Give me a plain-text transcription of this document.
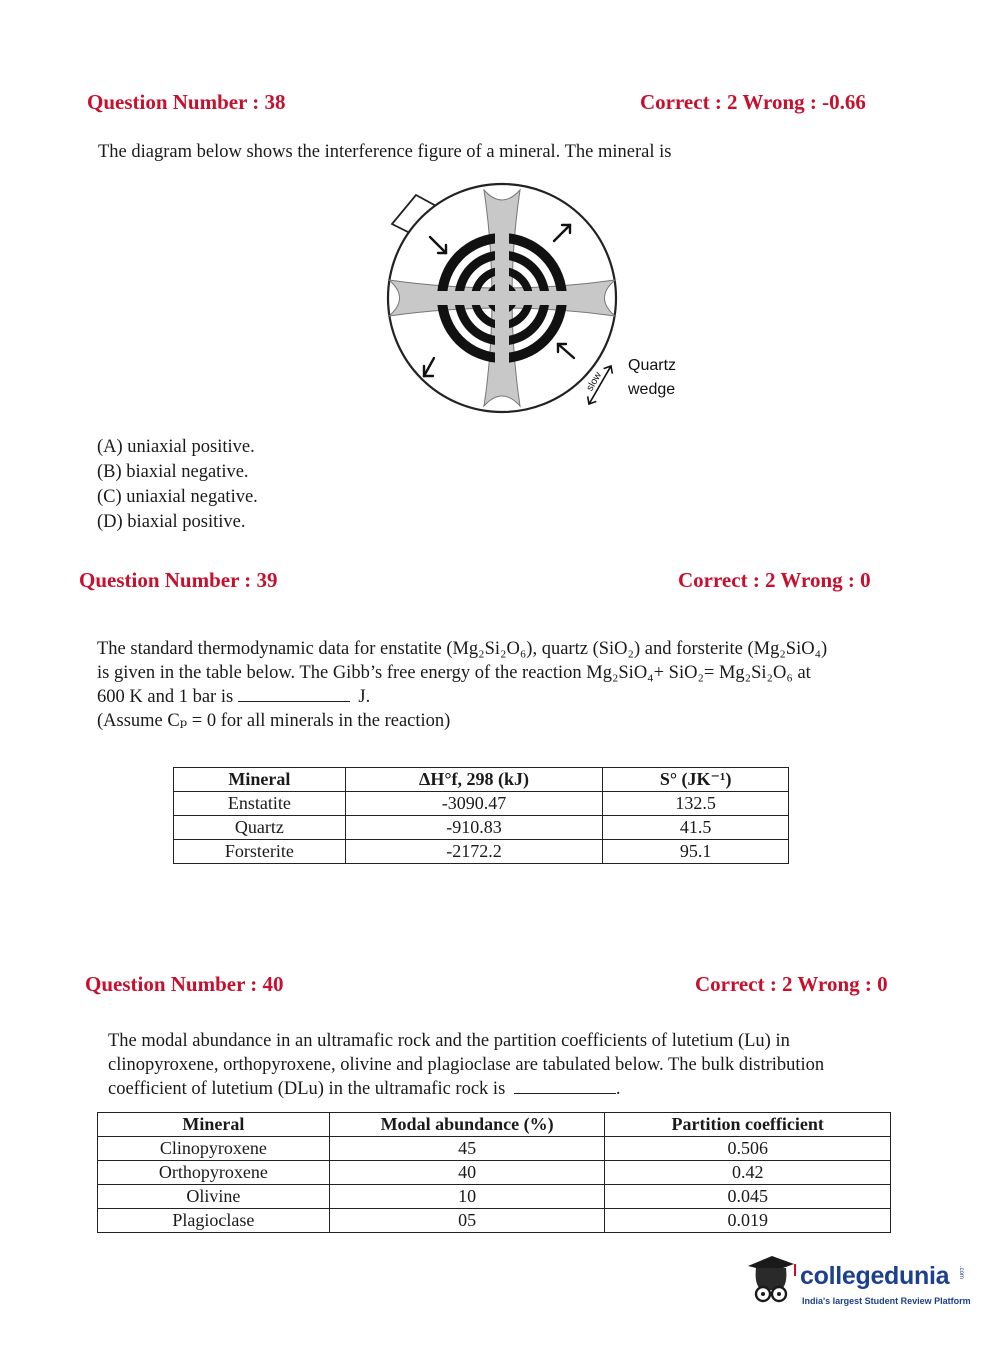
Question Number : 38	Correct : 2 Wrong : -0.66
The diagram below shows the interference figure of a mineral. The mineral is
slow
Quartz
wedge
(A) uniaxial positive.
(B) biaxial negative.
(C) uniaxial negative.
(D) biaxial positive.
Question Number : 39	Correct : 2 Wrong : 0
The standard thermodynamic data for enstatite (Mg₂Si₂O₆), quartz (SiO₂) and forsterite (Mg₂SiO₄)
is given in the table below. The Gibb’s free energy of the reaction Mg₂SiO₄+ SiO₂= Mg₂Si₂O₆ at
600 K and 1 bar is	J.
(Assume Cₚ = 0 for all minerals in the reaction)
Mineral	ΔH°f, 298 (kJ)	S° (JK⁻¹)
Enstatite	-3090.47	132.5
Quartz	-910.83	41.5
Forsterite	-2172.2	95.1
Question Number : 40	Correct : 2 Wrong : 0
The modal abundance in an ultramafic rock and the partition coefficients of lutetium (Lu) in
clinopyroxene, orthopyroxene, olivine and plagioclase are tabulated below. The bulk distribution
coefficient of lutetium (DLu) in the ultramafic rock is	.
Mineral	Modal abundance (%)	Partition coefficient
Clinopyroxene	45	0.506
Orthopyroxene	40	0.42
Olivine	10	0.045
Plagioclase	05	0.019
collegedunia .com
India's largest Student Review Platform
